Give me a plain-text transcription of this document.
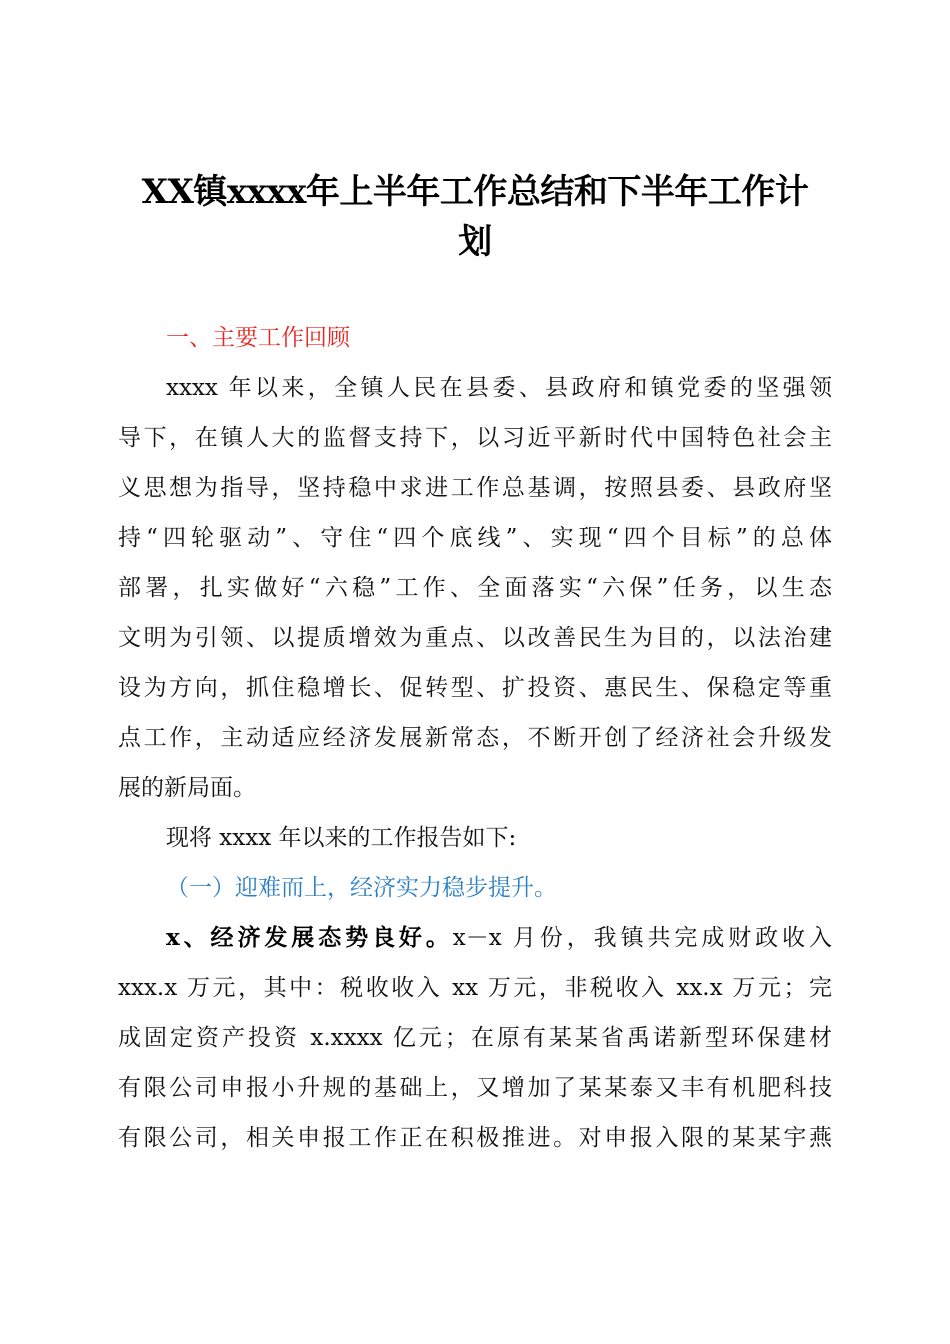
XX镇xxxx年上半年工作总结和下半年工作计
划
一、主要工作回顾
xxxx 年以来，全镇人民在县委、县政府和镇党委的坚强领
导下，在镇人大的监督支持下，以习近平新时代中国特色社会主
义思想为指导，坚持稳中求进工作总基调，按照县委、县政府坚
持“四轮驱动”、守住“四个底线”、实现“四个目标”的总体
部署，扎实做好“六稳”工作、全面落实“六保”任务，以生态
文明为引领、以提质增效为重点、以改善民生为目的，以法治建
设为方向，抓住稳增长、促转型、扩投资、惠民生、保稳定等重
点工作，主动适应经济发展新常态，不断开创了经济社会升级发
展的新局面。
现将 xxxx 年以来的工作报告如下:
（一）迎难而上，经济实力稳步提升。
x、经济发展态势良好。x－x 月份，我镇共完成财政收入
xxx.x 万元，其中：税收收入 xx 万元，非税收入 xx.x 万元；完
成固定资产投资 x.xxxx 亿元；在原有某某省禹诺新型环保建材
有限公司申报小升规的基础上，又增加了某某泰又丰有机肥科技
有限公司，相关申报工作正在积极推进。对申报入限的某某宇燕
